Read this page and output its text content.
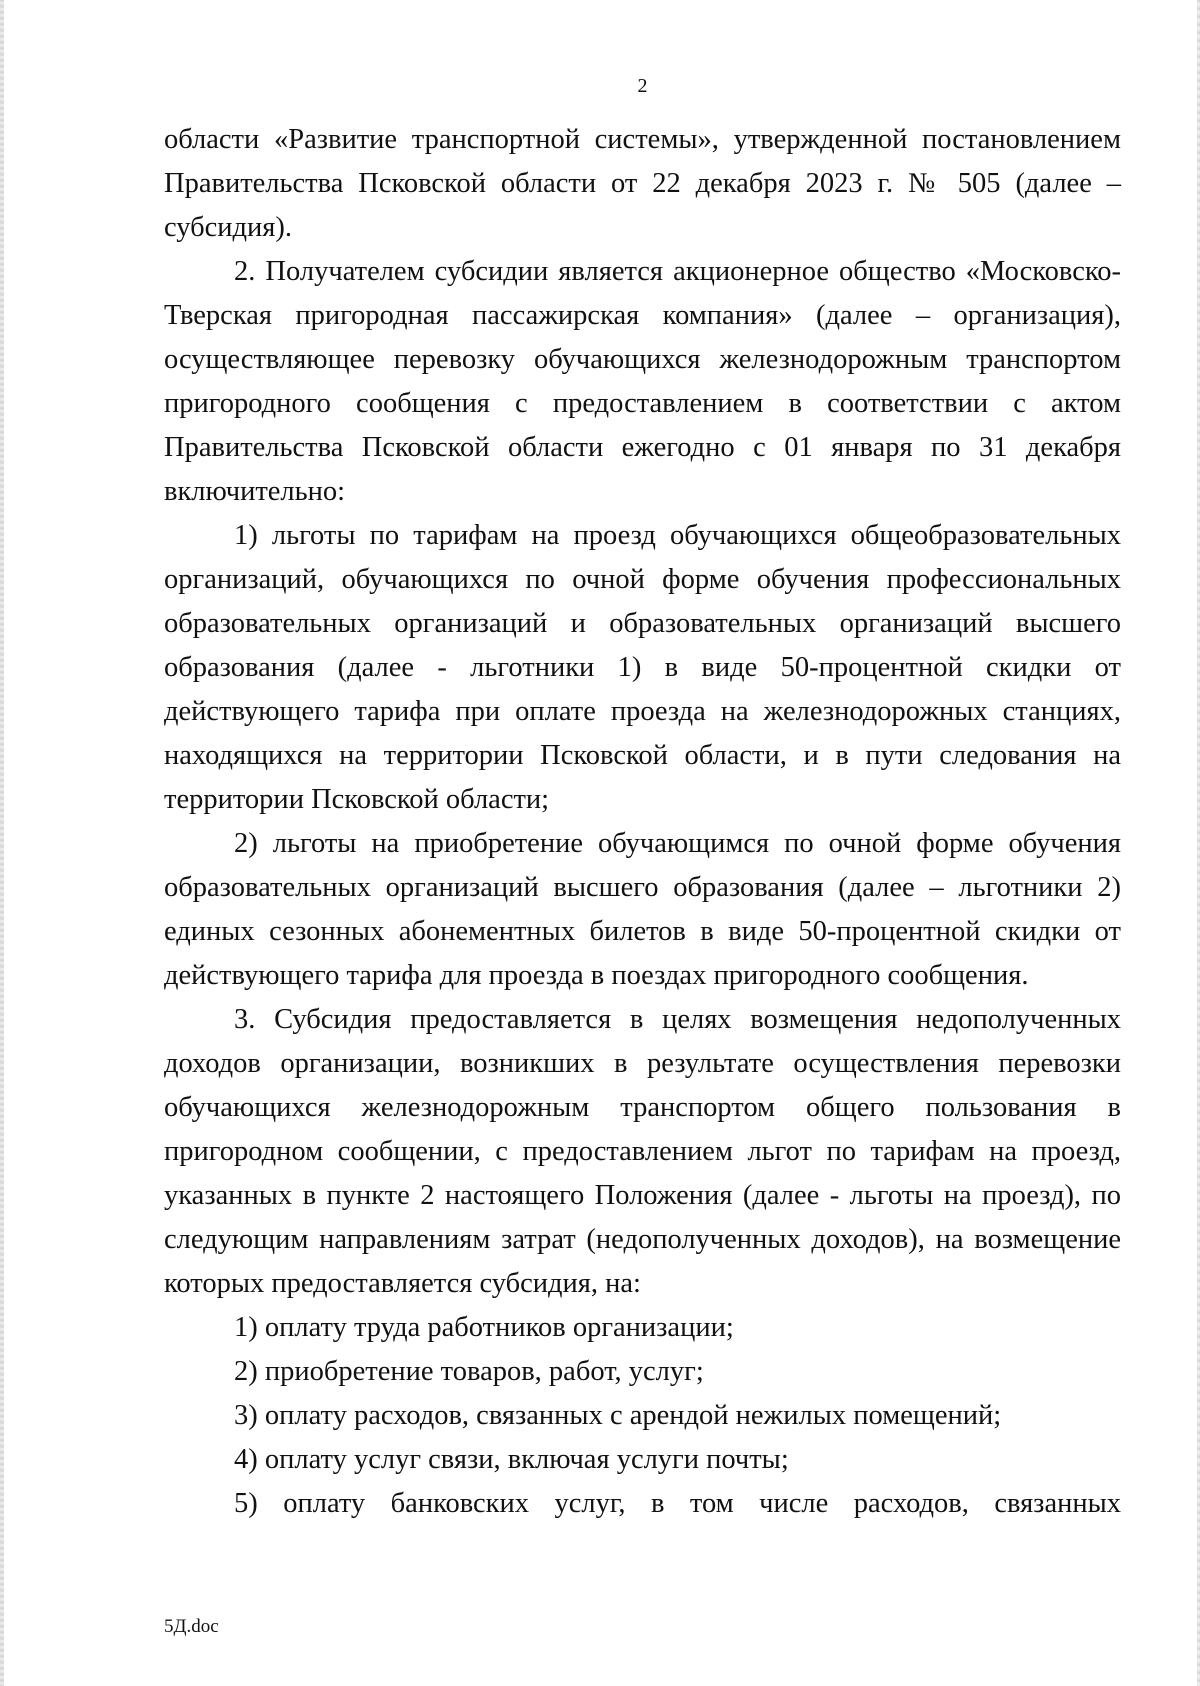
2

области «Развитие транспортной системы», утвержденной постановлением Правительства Псковской области от 22 декабря 2023 г. № 505 (далее – субсидия).

2. Получателем субсидии является акционерное общество «Московско-Тверская пригородная пассажирская компания» (далее – организация), осуществляющее перевозку обучающихся железнодорожным транспортом пригородного сообщения с предоставлением в соответствии с актом Правительства Псковской области ежегодно с 01 января по 31 декабря включительно:

1) льготы по тарифам на проезд обучающихся общеобразовательных организаций, обучающихся по очной форме обучения профессиональных образовательных организаций и образовательных организаций высшего образования (далее - льготники 1) в виде 50-процентной скидки от действующего тарифа при оплате проезда на железнодорожных станциях, находящихся на территории Псковской области, и в пути следования на территории Псковской области;

2) льготы на приобретение обучающимся по очной форме обучения образовательных организаций высшего образования (далее – льготники 2) единых сезонных абонементных билетов в виде 50-процентной скидки от действующего тарифа для проезда в поездах пригородного сообщения.

3. Субсидия предоставляется в целях возмещения недополученных доходов организации, возникших в результате осуществления перевозки обучающихся железнодорожным транспортом общего пользования в пригородном сообщении, с предоставлением льгот по тарифам на проезд, указанных в пункте 2 настоящего Положения (далее - льготы на проезд), по следующим направлениям затрат (недополученных доходов), на возмещение которых предоставляется субсидия, на:

1) оплату труда работников организации;

2) приобретение товаров, работ, услуг;

3) оплату расходов, связанных с арендой нежилых помещений;

4) оплату услуг связи, включая услуги почты;

5) оплату банковских услуг, в том числе расходов, связанных

5Д.doc
